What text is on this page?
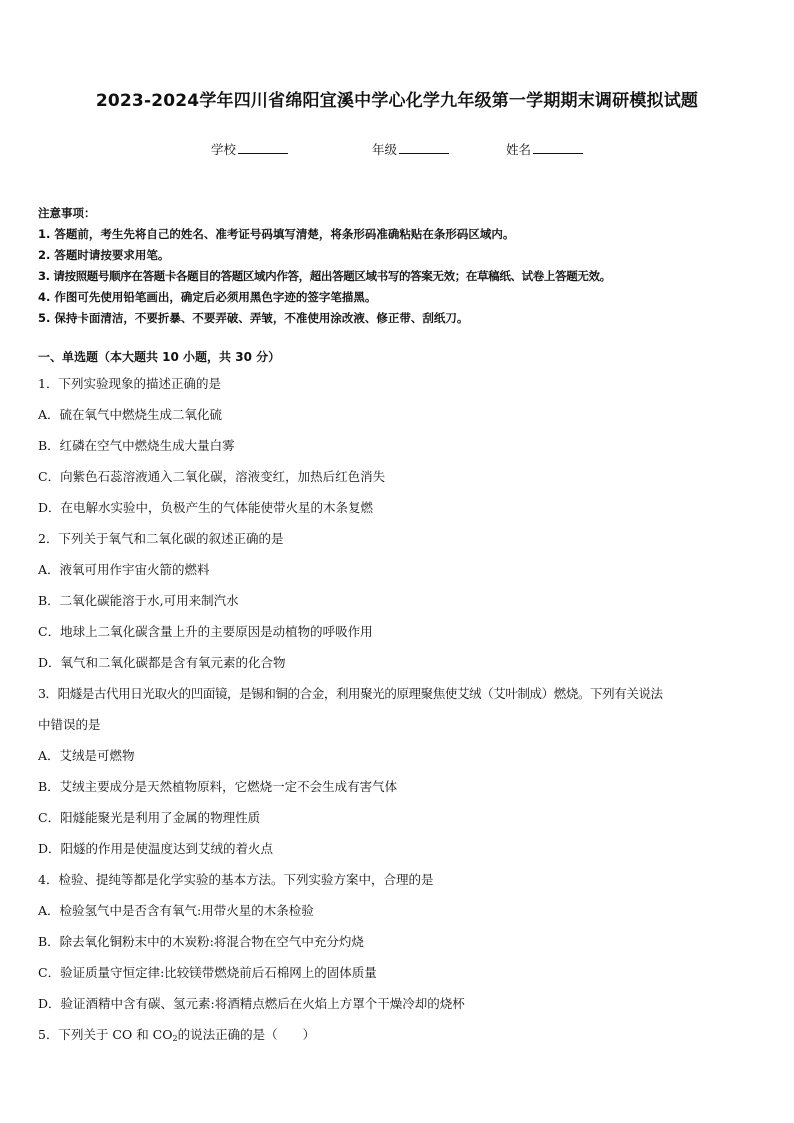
2023-2024学年四川省绵阳宜溪中学心化学九年级第一学期期末调研模拟试题
学校	年级	姓名
注意事项：
1. 答题前，考生先将自己的姓名、准考证号码填写清楚，将条形码准确粘贴在条形码区域内。
2. 答题时请按要求用笔。
3. 请按照题号顺序在答题卡各题目的答题区域内作答，超出答题区域书写的答案无效；在草稿纸、试卷上答题无效。
4. 作图可先使用铅笔画出，确定后必须用黑色字迹的签字笔描黑。
5. 保持卡面清洁，不要折暴、不要弄破、弄皱，不准使用涂改液、修正带、刮纸刀。
一、单选题（本大题共 10 小题，共 30 分）
1．下列实验现象的描述正确的是
A．硫在氧气中燃烧生成二氧化硫
B．红磷在空气中燃烧生成大量白雾
C．向紫色石蕊溶液通入二氧化碳，溶液变红，加热后红色消失
D．在电解水实验中，负极产生的气体能使带火星的木条复燃
2．下列关于氧气和二氧化碳的叙述正确的是
A．液氧可用作宇宙火箭的燃料
B．二氧化碳能溶于水,可用来制汽水
C．地球上二氧化碳含量上升的主要原因是动植物的呼吸作用
D．氧气和二氧化碳都是含有氧元素的化合物
3．阳燧是古代用日光取火的凹面镜，是锡和铜的合金，利用聚光的原理聚焦使艾绒（艾叶制成）燃烧。下列有关说法
中错误的是
A．艾绒是可燃物
B．艾绒主要成分是天然植物原料，它燃烧一定不会生成有害气体
C．阳燧能聚光是利用了金属的物理性质
D．阳燧的作用是使温度达到艾绒的着火点
4．检验、提纯等都是化学实验的基本方法。下列实验方案中，合理的是
A．检验氢气中是否含有氧气:用带火星的木条检验
B．除去氧化铜粉末中的木炭粉:将混合物在空气中充分灼烧
C．验证质量守恒定律:比较镁带燃烧前后石棉网上的固体质量
D．验证酒精中含有碳、氢元素:将酒精点燃后在火焰上方罩个干燥冷却的烧杯
5．下列关于 CO 和 $CO_2$的说法正确的是（　　）
